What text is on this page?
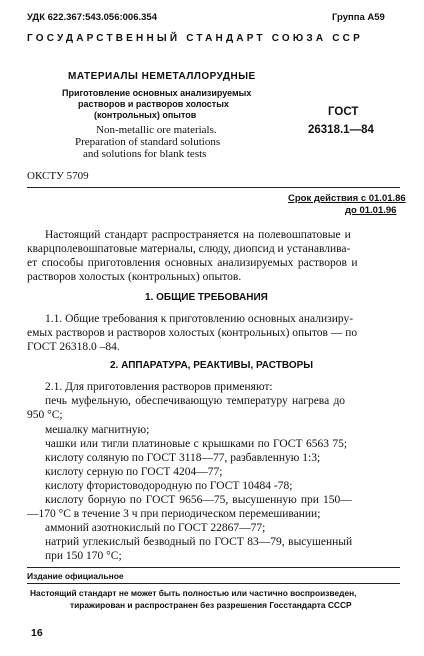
УДК 622.367:543.056:006.354	Группа А59
ГОСУДАРСТВЕННЫЙ СТАНДАРТ СОЮЗА ССР
МАТЕРИАЛЫ НЕМЕТАЛЛОРУДНЫЕ
Приготовление основных анализируемых
растворов и растворов холостых
(контрольных) опытов
Non-metallic ore materials.
Preparation of standard solutions
and solutions for blank tests
ГОСТ
26318.1—84
ОКСТУ 5709
Срок действия с 01.01.86
до 01.01.96
Настоящий стандарт распространяется на полевошпатовые и
кварцполевошпатовые материалы, слюду, диопсид и устанавлива-
ет способы приготовления основных анализируемых растворов и
растворов холостых (контрольных) опытов.
1. ОБЩИЕ ТРЕБОВАНИЯ
1.1. Общие требования к приготовлению основных анализиру-
емых растворов и растворов холостых (контрольных) опытов — по
ГОСТ 26318.0 –84.
2. АППАРАТУРА, РЕАКТИВЫ, РАСТВОРЫ
2.1. Для приготовления растворов применяют:
печь муфельную, обеспечивающую температуру нагрева до
950 °С;
мешалку магнитную;
чашки или тигли платиновые с крышками по ГОСТ 6563 75;
кислоту соляную по ГОСТ 3118—77, разбавленную 1:3;
кислоту серную по ГОСТ 4204—77;
кислоту фтористоводородную по ГОСТ 10484 -78;
кислоту борную по ГОСТ 9656—75, высушенную при 150—
—170 °С в течение 3 ч при периодическом перемешивании;
аммоний азотнокислый по ГОСТ 22867—77;
натрий углекислый безводный по ГОСТ 83—79, высушенный
при 150 170 °С;
Издание официальное
Настоящий стандарт не может быть полностью или частично воспроизведен,
тиражирован и распространен без разрешения Госстандарта СССР
16
